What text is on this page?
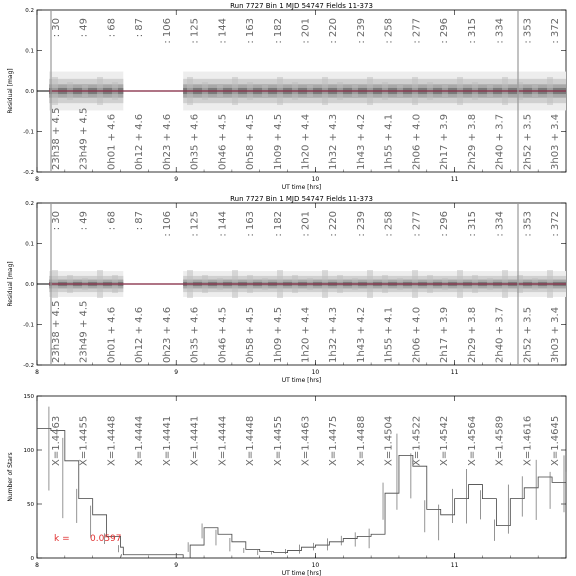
Run 7727 Bin 1 MJD 54747 Fields 11-373
8	9	10	11
-0.2
-0.1
0.0
0.1
0.2
UT time [hrs]
Residual [mag]
: 30
23h38 + 4.5
: 49
23h49 + 4.5
: 68
0h01 + 4.6
: 87
0h12 + 4.6
: 106
0h23 + 4.6
: 125
0h35 + 4.6
: 144
0h46 + 4.5
: 163
0h58 + 4.5
: 182
1h09 + 4.5
: 201
1h20 + 4.4
: 220
1h32 + 4.3
: 239
1h43 + 4.2
: 258
1h55 + 4.1
: 277
2h06 + 4.0
: 296
2h17 + 3.9
: 315
2h29 + 3.8
: 334
2h40 + 3.7
: 353
2h52 + 3.5
: 372
3h03 + 3.4
Run 7727 Bin 1 MJD 54747 Fields 11-373
8	9	10	11
-0.2
-0.1
0.0
0.1
0.2
UT time [hrs]
Residual [mag]
: 30
23h38 + 4.5
: 49
23h49 + 4.5
: 68
0h01 + 4.6
: 87
0h12 + 4.6
: 106
0h23 + 4.6
: 125
0h35 + 4.6
: 144
0h46 + 4.5
: 163
0h58 + 4.5
: 182
1h09 + 4.5
: 201
1h20 + 4.4
: 220
1h32 + 4.3
: 239
1h43 + 4.2
: 258
1h55 + 4.1
: 277
2h06 + 4.0
: 296
2h17 + 3.9
: 315
2h29 + 3.8
: 334
2h40 + 3.7
: 353
2h52 + 3.5
: 372
3h03 + 3.4
8	9	10	11
0
50
100
150
UT time [hrs]
Number of Stars
X=1.4463 X=1.4455 X=1.4448 X=1.4444 X=1.4441 X=1.4441 X=1.4444 X=1.4448 X=1.4455 X=1.4463 X=1.4475 X=1.4488 X=1.4504 X=1.4522 X=1.4542 X=1.4564 X=1.4589 X=1.4616 X=1.4645
k = 0.0597
